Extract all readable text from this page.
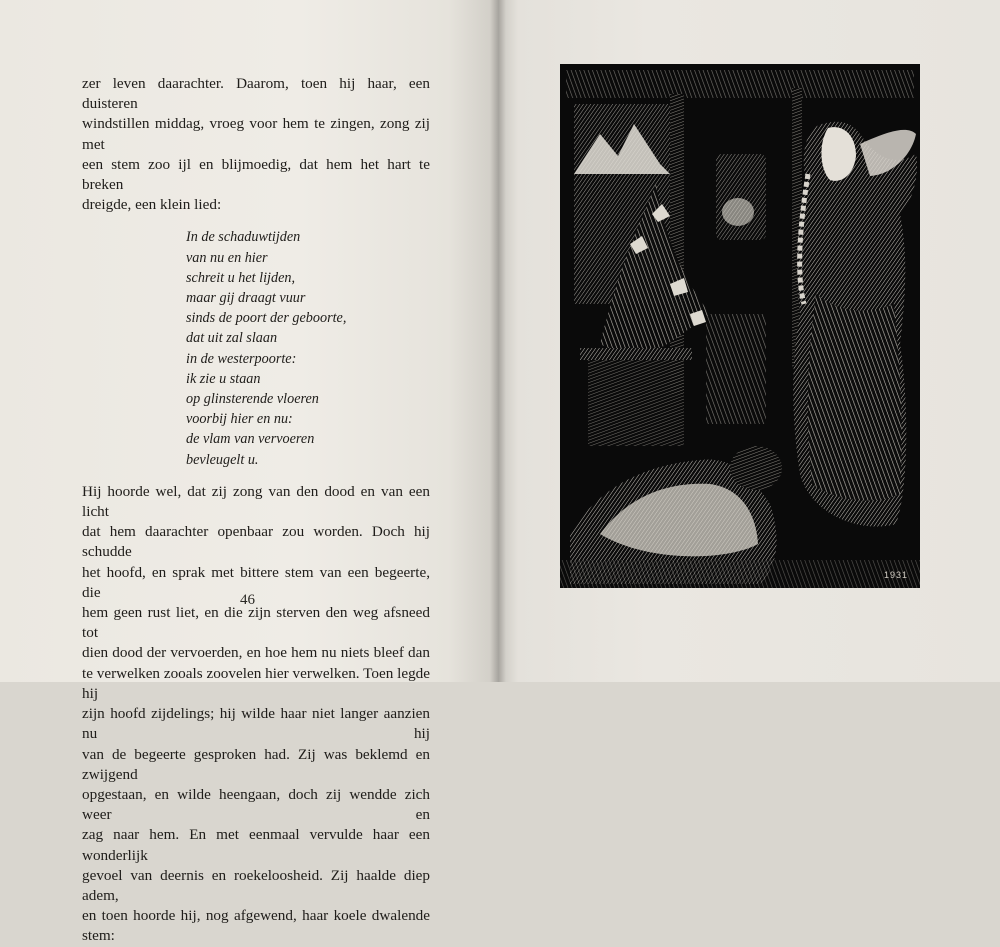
zer leven daarachter. Daarom, toen hij haar, een duisteren
windstillen middag, vroeg voor hem te zingen, zong zij met
een stem zoo ijl en blijmoedig, dat hem het hart te breken
dreigde, een klein lied:

In de schaduwtijden
van nu en hier
schreit u het lijden,
maar gij draagt vuur
sinds de poort der geboorte,
dat uit zal slaan
in de westerpoorte:
ik zie u staan
op glinsterende vloeren
voorbij hier en nu:
de vlam van vervoeren
bevleugelt u.

Hij hoorde wel, dat zij zong van den dood en van een licht
dat hem daarachter openbaar zou worden. Doch hij schudde
het hoofd, en sprak met bittere stem van een begeerte, die
hem geen rust liet, en die zijn sterven den weg afsneed tot
dien dood der vervoerden, en hoe hem nu niets bleef dan
te verwelken zooals zoovelen hier verwelken. Toen legde hij
zijn hoofd zijdelings; hij wilde haar niet langer aanzien nu hij
van de begeerte gesproken had. Zij was beklemd en zwijgend
opgestaan, en wilde heengaan, doch zij wendde zich weer en
zag naar hem. En met eenmaal vervulde haar een wonderlijk
gevoel van deernis en roekeloosheid. Zij haalde diep adem,
en toen hoorde hij, nog afgewend, haar koele dwalende stem:

46
1931
